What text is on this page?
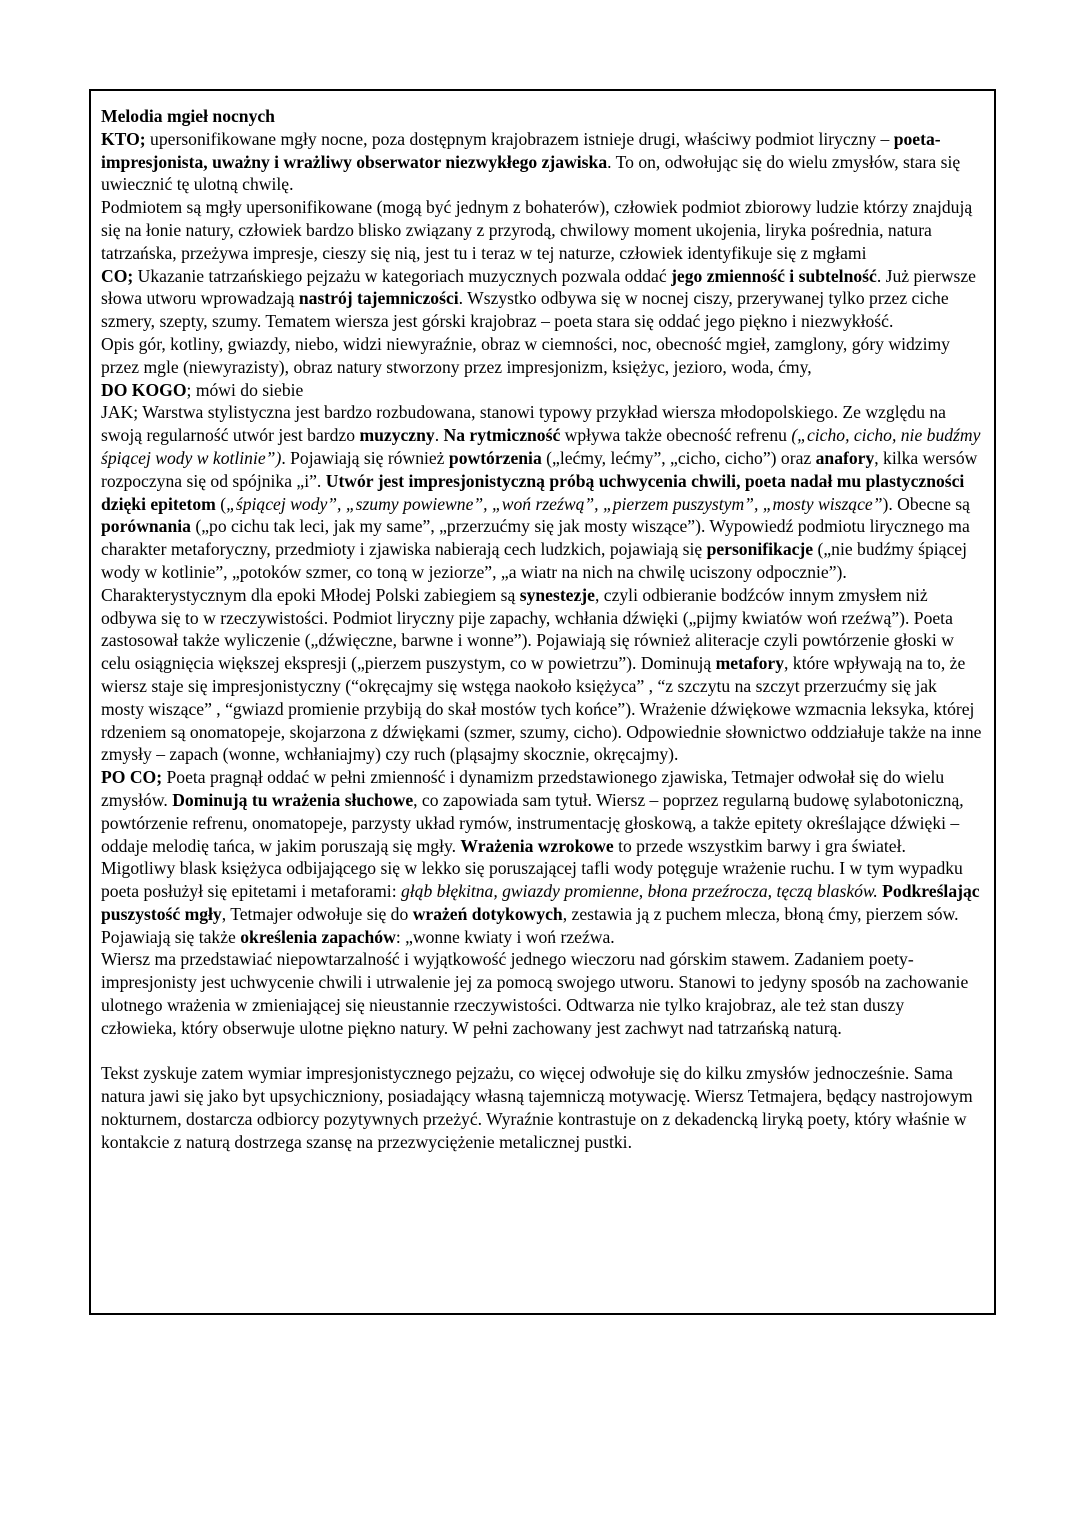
Melodia mgieł nocnych

KTO; upersonifikowane mgły nocne, poza dostępnym krajobrazem istnieje drugi, właściwy podmiot liryczny – poeta-impresjonista, uważny i wrażliwy obserwator niezwykłego zjawiska. To on, odwołując się do wielu zmysłów, stara się uwiecznić tę ulotną chwilę.

Podmiotem są mgły upersonifikowane (mogą być jednym z bohaterów), człowiek podmiot zbiorowy ludzie którzy znajdują się na łonie natury, człowiek bardzo blisko związany z przyrodą, chwilowy moment ukojenia, liryka pośrednia, natura tatrzańska, przeżywa impresje, cieszy się nią, jest tu i teraz w tej naturze, człowiek identyfikuje się z mgłami

CO; Ukazanie tatrzańskiego pejzażu w kategoriach muzycznych pozwala oddać jego zmienność i subtelność. Już pierwsze słowa utworu wprowadzają nastrój tajemniczości. Wszystko odbywa się w nocnej ciszy, przerywanej tylko przez ciche szmery, szepty, szumy. Tematem wiersza jest górski krajobraz – poeta stara się oddać jego piękno i niezwykłość.

Opis gór, kotliny, gwiazdy, niebo, widzi niewyraźnie, obraz w ciemności, noc, obecność mgieł, zamglony, góry widzimy przez mgle (niewyrazisty), obraz natury stworzony przez impresjonizm, księżyc, jezioro, woda, ćmy,

DO KOGO; mówi do siebie

JAK; Warstwa stylistyczna jest bardzo rozbudowana, stanowi typowy przykład wiersza młodopolskiego. Ze względu na swoją regularność utwór jest bardzo muzyczny. Na rytmiczność wpływa także obecność refrenu („cicho, cicho, nie budźmy śpiącej wody w kotlinie”). Pojawiają się również powtórzenia („lećmy, lećmy”, „cicho, cicho”) oraz anafory, kilka wersów rozpoczyna się od spójnika „i”. Utwór jest impresjonistyczną próbą uchwycenia chwili, poeta nadał mu plastyczności dzięki epitetom („śpiącej wody”, „szumy powiewne”, „woń rzeźwą”, „pierzem puszystym”, „mosty wiszące”). Obecne są porównania („po cichu tak leci, jak my same”, „przerzućmy się jak mosty wiszące”). Wypowiedź podmiotu lirycznego ma charakter metaforyczny, przedmioty i zjawiska nabierają cech ludzkich, pojawiają się personifikacje („nie budźmy śpiącej wody w kotlinie”, „potoków szmer, co toną w jeziorze”, „a wiatr na nich na chwilę uciszony odpocznie”). Charakterystycznym dla epoki Młodej Polski zabiegiem są synestezje, czyli odbieranie bodźców innym zmysłem niż odbywa się to w rzeczywistości. Podmiot liryczny pije zapachy, wchłania dźwięki („pijmy kwiatów woń rzeźwą”). Poeta zastosował także wyliczenie („dźwięczne, barwne i wonne”). Pojawiają się również aliteracje czyli powtórzenie głoski w celu osiągnięcia większej ekspresji („pierzem puszystym, co w powietrzu”). Dominują metafory, które wpływają na to, że wiersz staje się impresjonistyczny (“okręcajmy się wstęga naokoło księżyca” , “z szczytu na szczyt przerzućmy się jak mosty wiszące” , “gwiazd promienie przybiją do skał mostów tych końce”). Wrażenie dźwiękowe wzmacnia leksyka, której rdzeniem są onomatopeje, skojarzona z dźwiękami (szmer, szumy, cicho). Odpowiednie słownictwo oddziałuje także na inne zmysły – zapach (wonne, wchłaniajmy) czy ruch (pląsajmy skocznie, okręcajmy).

PO CO; Poeta pragnął oddać w pełni zmienność i dynamizm przedstawionego zjawiska, Tetmajer odwołał się do wielu zmysłów. Dominują tu wrażenia słuchowe, co zapowiada sam tytuł. Wiersz – poprzez regularną budowę sylabotoniczną, powtórzenie refrenu, onomatopeje, parzysty układ rymów, instrumentację głoskową, a także epitety określające dźwięki – oddaje melodię tańca, w jakim poruszają się mgły. Wrażenia wzrokowe to przede wszystkim barwy i gra świateł. Migotliwy blask księżyca odbijającego się w lekko się poruszającej tafli wody potęguje wrażenie ruchu. I w tym wypadku poeta posłużył się epitetami i metaforami: głąb błękitna, gwiazdy promienne, błona przeźrocza, tęczą blasków. Podkreślając puszystość mgły, Tetmajer odwołuje się do wrażeń dotykowych, zestawia ją z puchem mlecza, błoną ćmy, pierzem sów. Pojawiają się także określenia zapachów: „wonne kwiaty i woń rzeźwa.

Wiersz ma przedstawiać niepowtarzalność i wyjątkowość jednego wieczoru nad górskim stawem. Zadaniem poety-impresjonisty jest uchwycenie chwili i utrwalenie jej za pomocą swojego utworu. Stanowi to jedyny sposób na zachowanie ulotnego wrażenia w zmieniającej się nieustannie rzeczywistości. Odtwarza nie tylko krajobraz, ale też stan duszy człowieka, który obserwuje ulotne piękno natury. W pełni zachowany jest zachwyt nad tatrzańską naturą.

Tekst zyskuje zatem wymiar impresjonistycznego pejzażu, co więcej odwołuje się do kilku zmysłów jednocześnie. Sama natura jawi się jako byt upsychiczniony, posiadający własną tajemniczą motywację. Wiersz Tetmajera, będący nastrojowym nokturnem, dostarcza odbiorcy pozytywnych przeżyć. Wyraźnie kontrastuje on z dekadencką liryką poety, który właśnie w kontakcie z naturą dostrzega szansę na przezwyciężenie metalicznej pustki.
